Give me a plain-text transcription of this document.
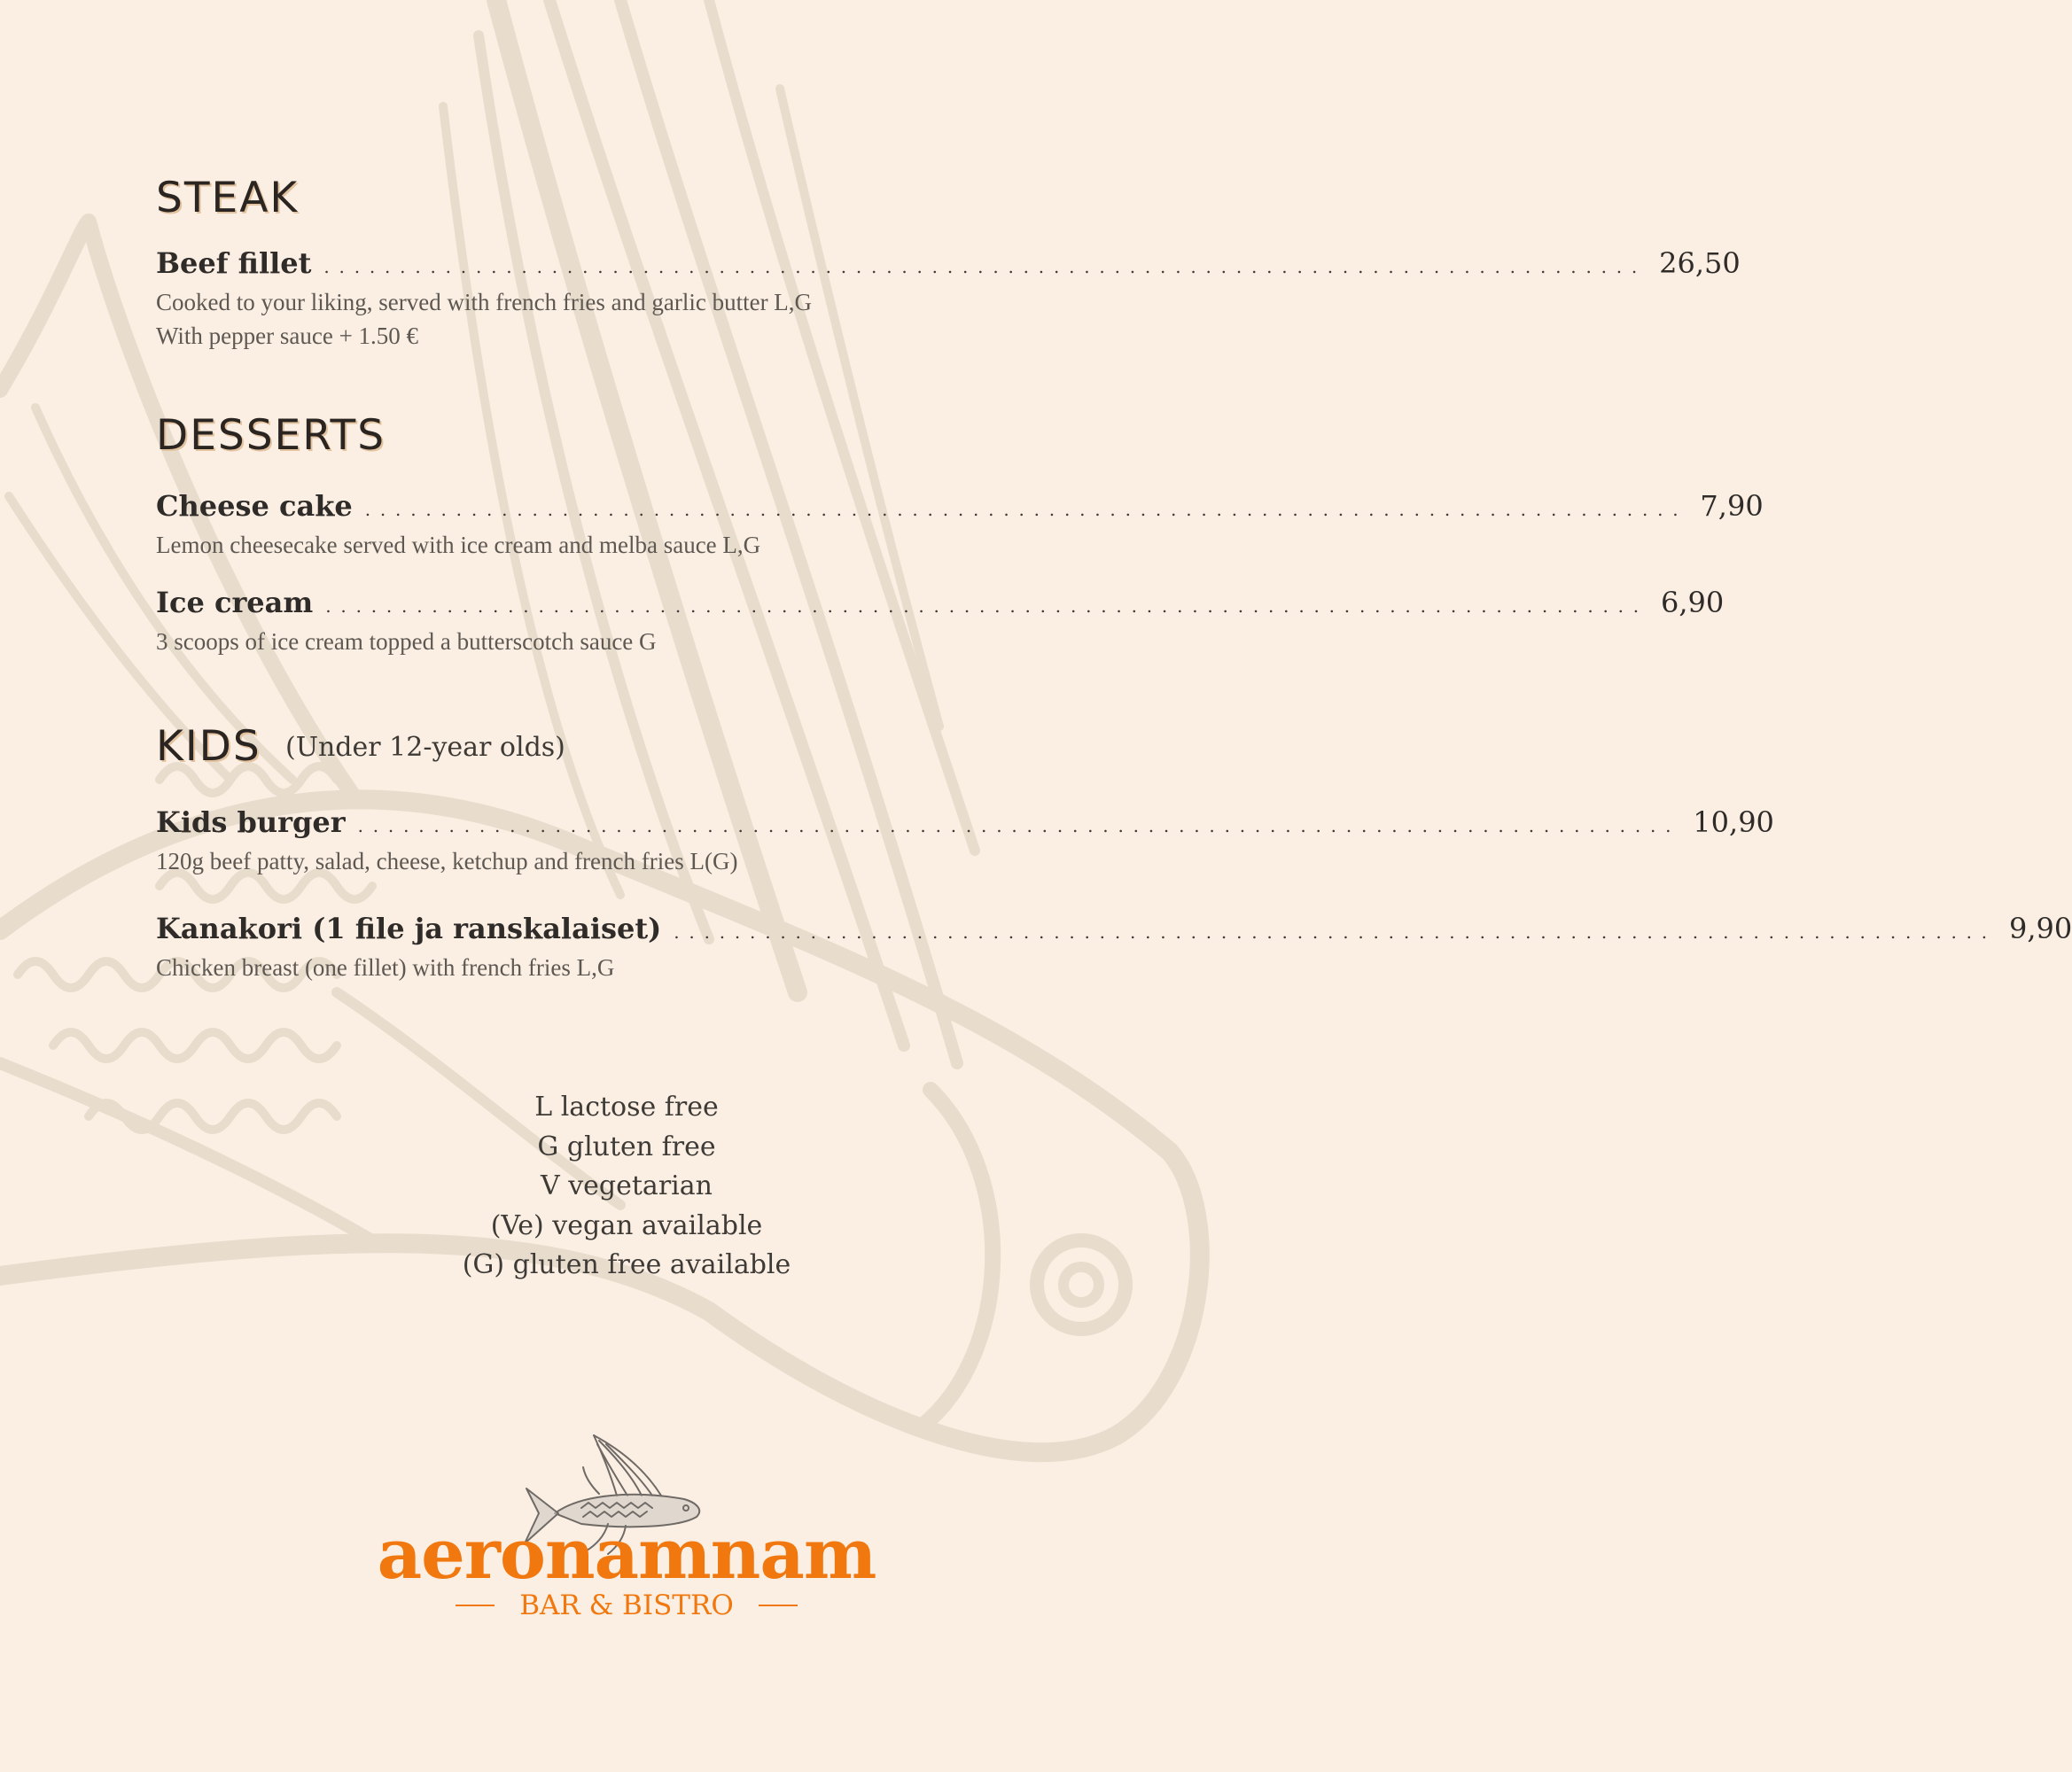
STEAK
Beef fillet ....................................................................................... 26,50
Cooked to your liking, served with french fries and garlic butter L,G
With pepper sauce + 1.50 €
DESSERTS
Cheese cake ....................................................................................... 7,90
Lemon cheesecake served with ice cream and melba sauce L,G
Ice cream ....................................................................................... 6,90
3 scoops of ice cream topped a butterscotch sauce G
KIDS (Under 12-year olds)
Kids burger ....................................................................................... 10,90
120g beef patty, salad, cheese, ketchup and french fries L(G)
Kanakori (1 file ja ranskalaiset) ....................................................................................... 9,90
Chicken breast (one fillet) with french fries L,G
L lactose free
G gluten free
V vegetarian
(Ve) vegan available
(G) gluten free available
aeronamnam
BAR & BISTRO
